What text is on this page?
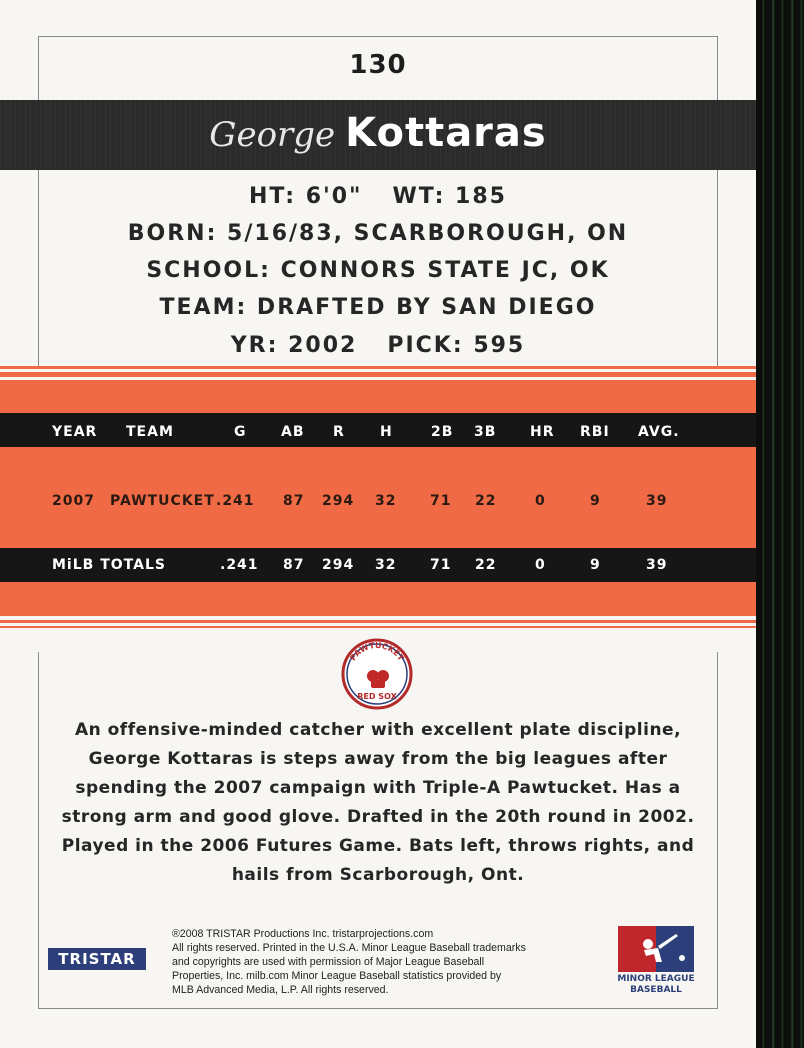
130
George Kottaras
HT: 6'0" WT: 185
BORN: 5/16/83, SCARBOROUGH, ON
SCHOOL: CONNORS STATE JC, OK
TEAM: DRAFTED BY SAN DIEGO
YR: 2002 PICK: 595
YEAR TEAM	G AB R	H	2B 3B HR RBI AVG.
2007 PAWTUCKET .241 87 294 32 71 22	0	9	39
MiLB TOTALS	.241 87 294 32 71 22	0	9	39
PAWTUCKET
RED SOX

An offensive-minded catcher with excellent plate discipline,

George Kottaras is steps away from the big leagues after

spending the 2007 campaign with Triple-A Pawtucket. Has a

strong arm and good glove. Drafted in the 20th round in 2002.

Played in the 2006 Futures Game. Bats left, throws rights, and

hails from Scarborough, Ont.

TRISTAR
®2008 TRISTAR Productions Inc. tristarprojections.com
All rights reserved. Printed in the U.S.A. Minor League Baseball trademarks
and copyrights are used with permission of Major League Baseball
Properties, Inc. milb.com Minor League Baseball statistics provided by
MLB Advanced Media, L.P. All rights reserved.
MINOR LEAGUE
BASEBALL
